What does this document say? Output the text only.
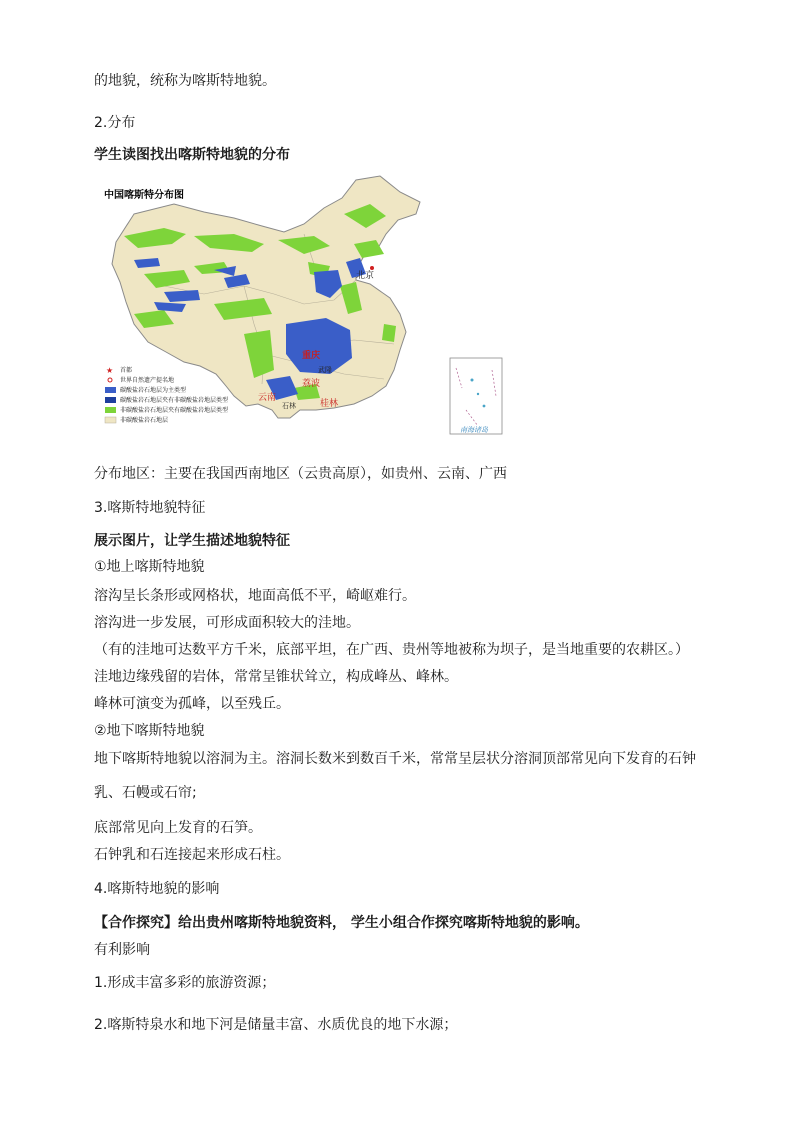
的地貌，统称为喀斯特地貌。
2.分布
学生读图找出喀斯特地貌的分布
南海诸岛
中国喀斯特分布图
北京
重庆
武隆
荔波
云南
石林	桂林
★ 首都
世界自然遗产提名地
碳酸盐岩石地层为主类型
碳酸盐岩石地层夹有非碳酸盐岩地层类型
非碳酸盐岩石地层夹有碳酸盐岩地层类型
非碳酸盐岩石地层
分布地区：主要在我国西南地区（云贵高原），如贵州、云南、广西
3.喀斯特地貌特征
展示图片，让学生描述地貌特征
①地上喀斯特地貌
溶沟呈长条形或网格状，地面高低不平，崎岖难行。
溶沟进一步发展，可形成面积较大的洼地。
（有的洼地可达数平方千米，底部平坦，在广西、贵州等地被称为坝子，是当地重要的农耕区。）
洼地边缘残留的岩体，常常呈锥状耸立，构成峰丛、峰林。
峰林可演变为孤峰，以至残丘。
②地下喀斯特地貌
地下喀斯特地貌以溶洞为主。溶洞长数米到数百千米，常常呈层状分溶洞顶部常见向下发育的石钟
乳、石幔或石帘;
底部常见向上发育的石笋。
石钟乳和石连接起来形成石柱。
4.喀斯特地貌的影响
【合作探究】给出贵州喀斯特地貌资料， 学生小组合作探究喀斯特地貌的影响。
有利影响
1.形成丰富多彩的旅游资源；
2.喀斯特泉水和地下河是储量丰富、水质优良的地下水源；
